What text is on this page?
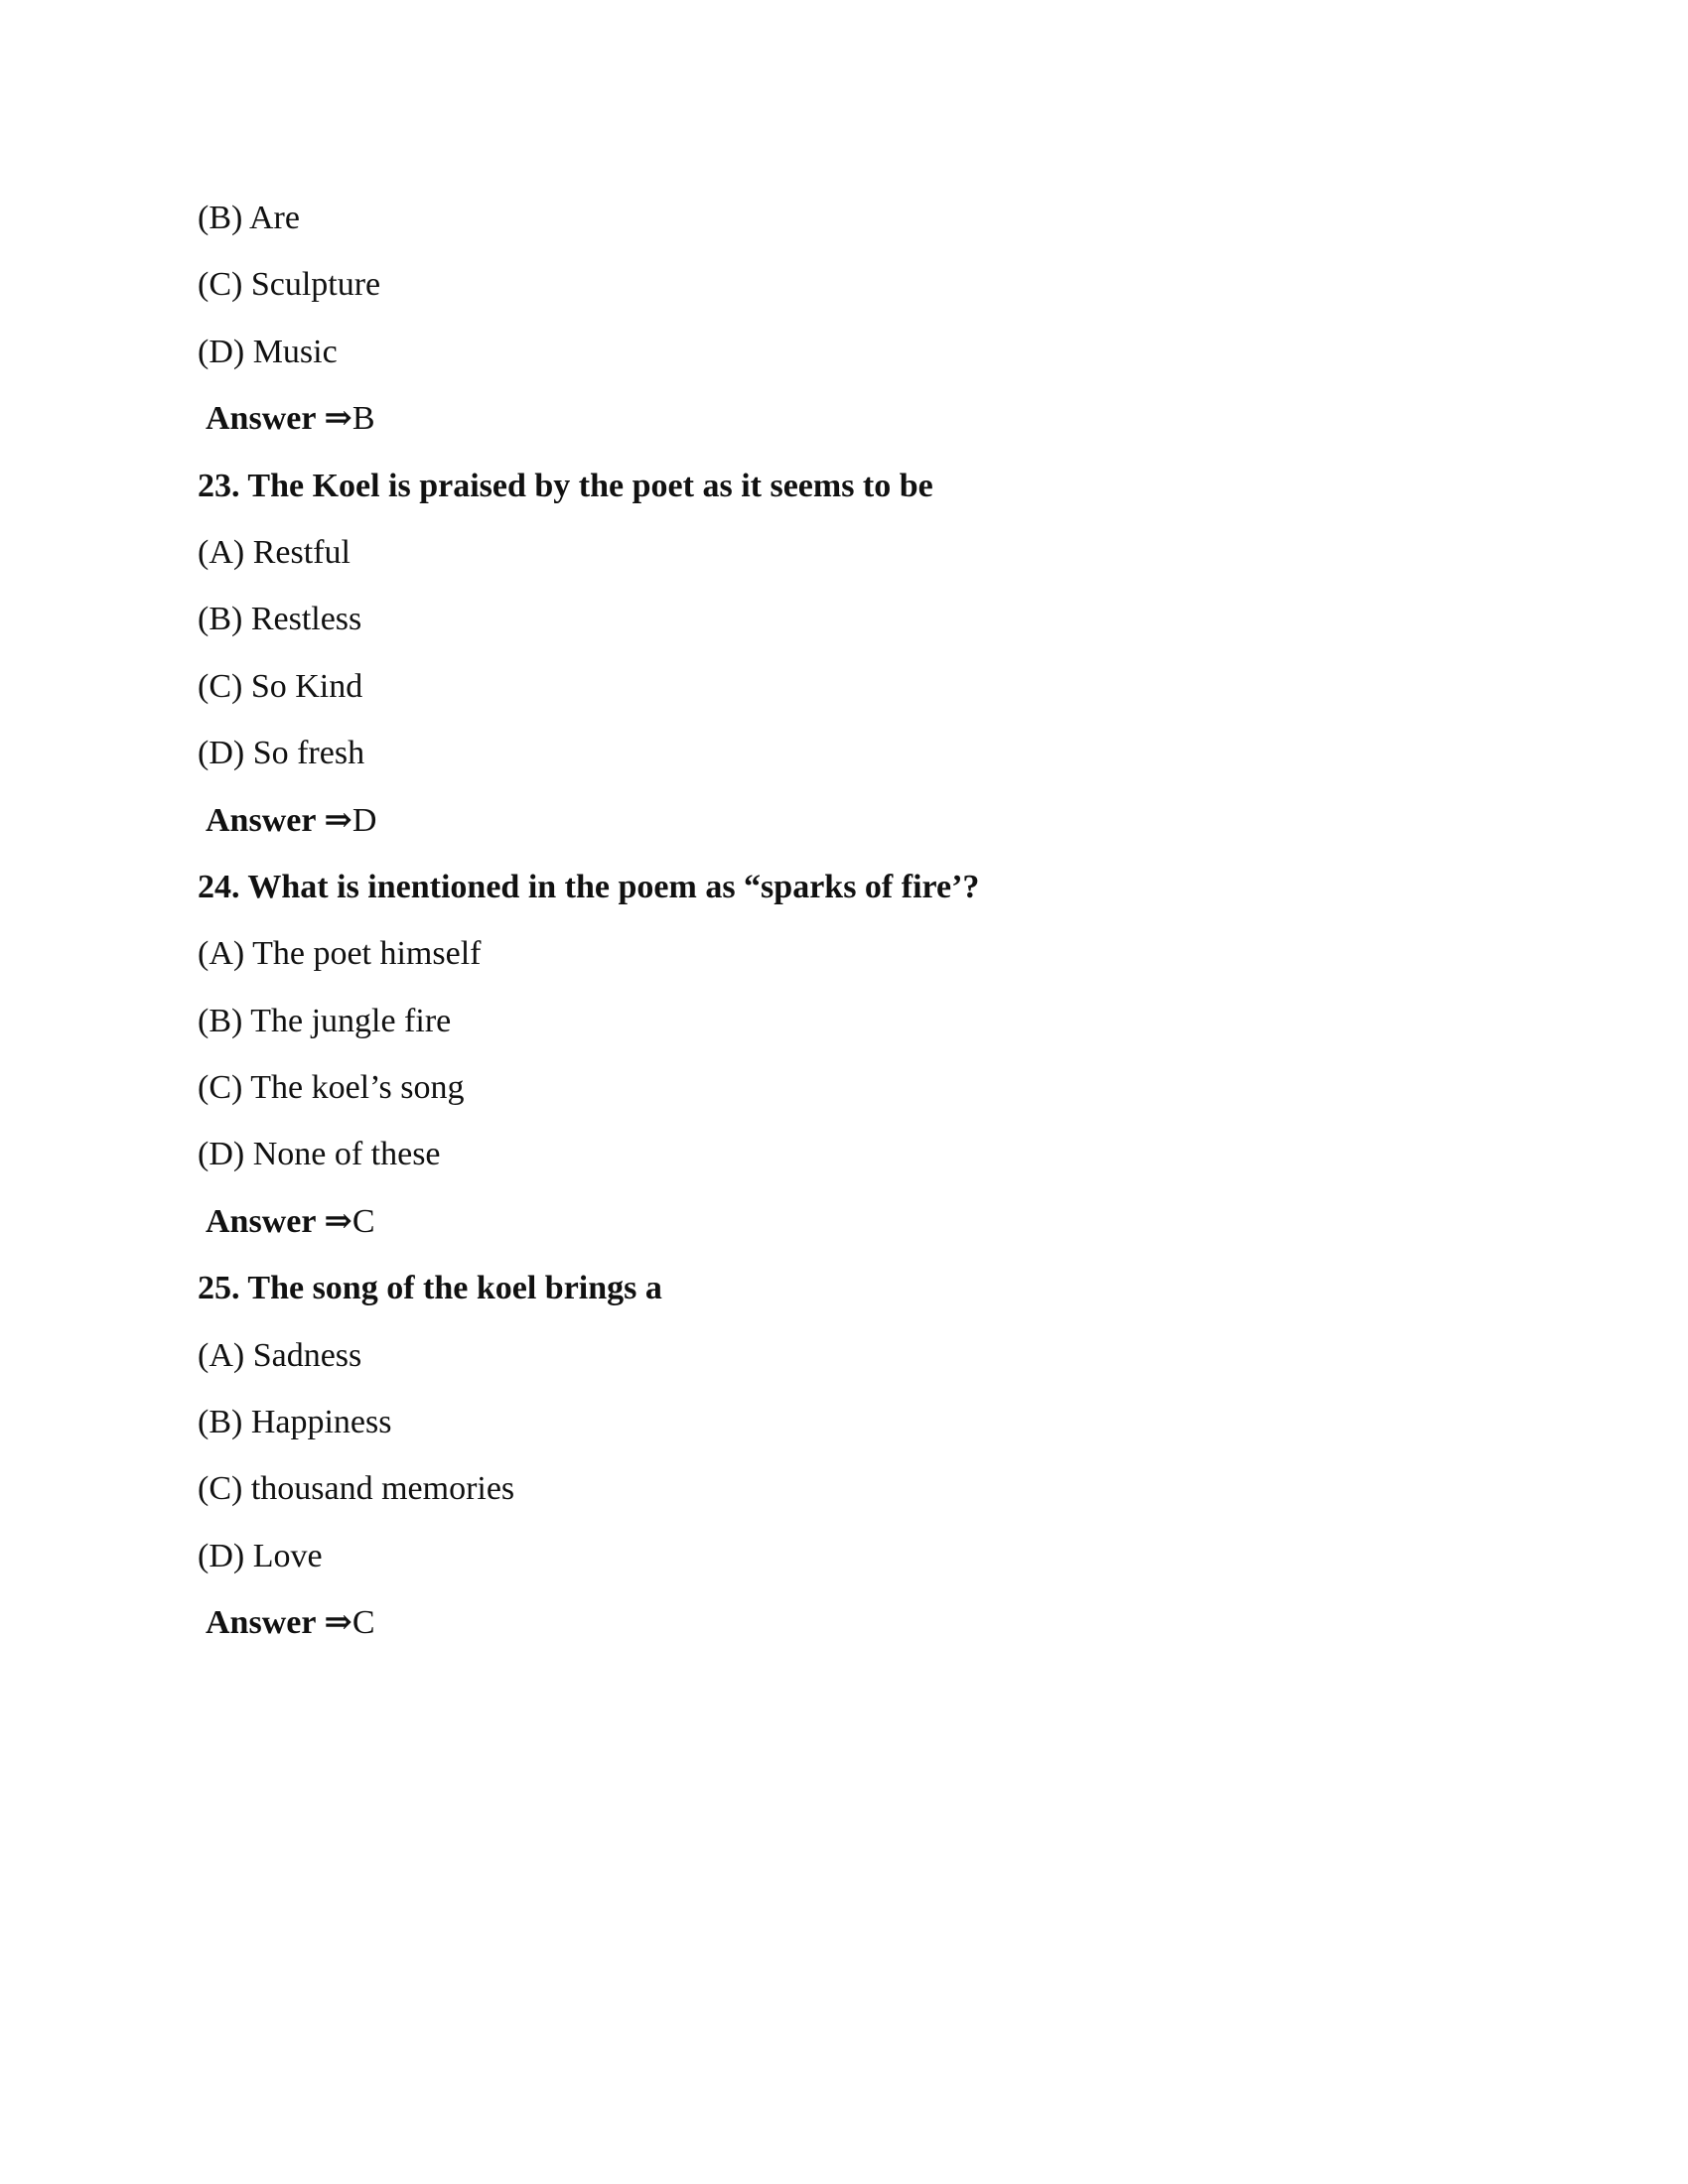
(B) Are
(C) Sculpture
(D) Music
Answer ⇒B
23. The Koel is praised by the poet as it seems to be
(A) Restful
(B) Restless
(C) So Kind
(D) So fresh
Answer ⇒D
24. What is inentioned in the poem as “sparks of fire’?
(A) The poet himself
(B) The jungle fire
(C) The koel’s song
(D) None of these
Answer ⇒C
25. The song of the koel brings a
(A) Sadness
(B) Happiness
(C) thousand memories
(D) Love
Answer ⇒C
